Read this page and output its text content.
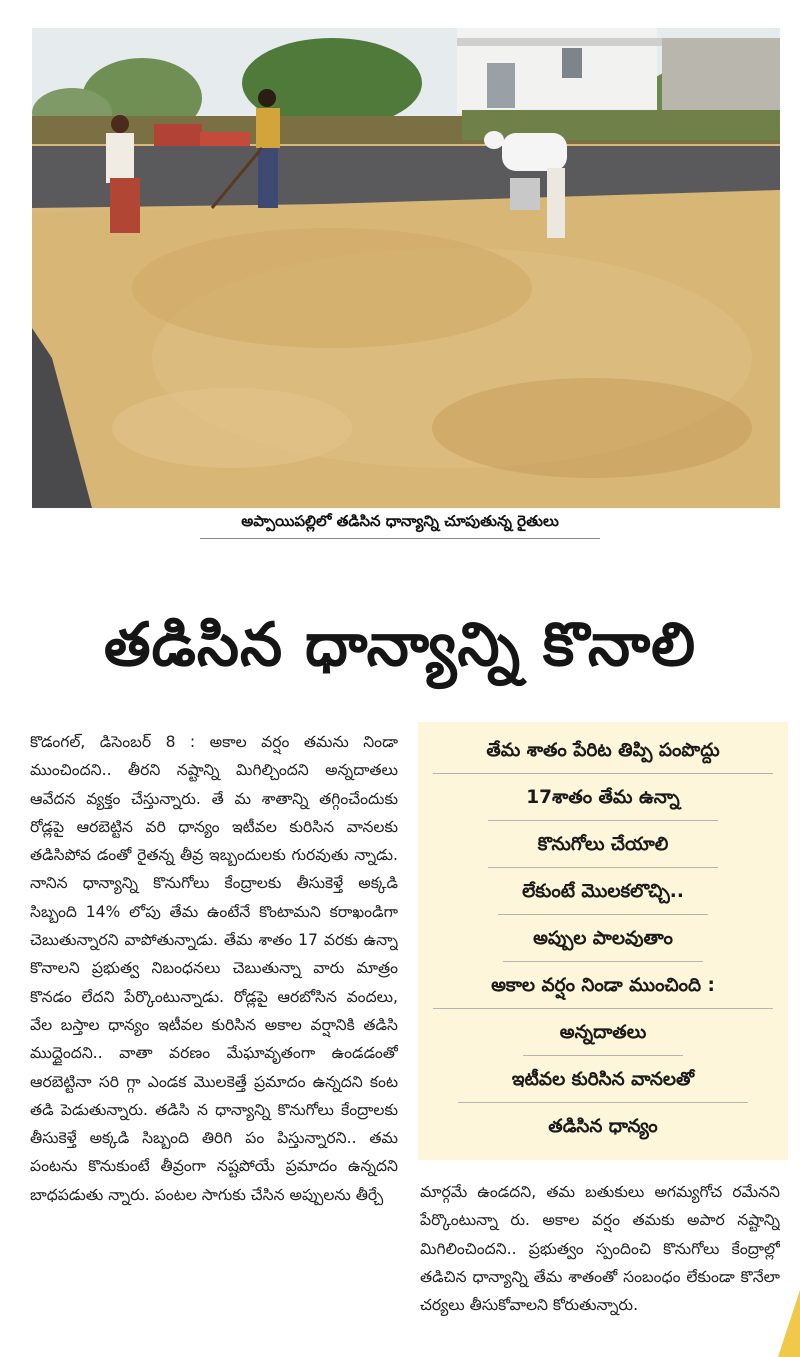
అప్పాయిపల్లిలో తడిసిన ధాన్యాన్ని చూపుతున్న రైతులు
తడిసిన ధాన్యాన్ని కొనాలి

కొడంగల్, డిసెంబర్ 8 : అకాల వర్షం తమను నిండా ముంచిందని.. తీరని నష్టాన్ని మిగిల్చిందని అన్నదాతలు ఆవేదన వ్యక్తం చేస్తున్నారు. తే మ శాతాన్ని తగ్గించేందుకు రోడ్లపై ఆరబెట్టిన వరి ధాన్యం ఇటీవల కురిసిన వానలకు తడిసిపోవ డంతో రైతన్న తీవ్ర ఇబ్బందులకు గురవుతు న్నాడు. నానిన ధాన్యాన్ని కొనుగోలు కేంద్రాలకు తీసుకెళ్తే అక్కడి సిబ్బంది 14% లోపు తేమ ఉంటేనే కొంటామని కరాఖండిగా చెబుతున్నారని వాపోతున్నాడు. తేమ శాతం 17 వరకు ఉన్నా కొనాలని ప్రభుత్వ నిబంధనలు చెబుతున్నా వారు మాత్రం కొనడం లేదని పేర్కొంటున్నాడు. రోడ్లపై ఆరబోసిన వందలు, వేల బస్తాల ధాన్యం ఇటీవల కురిసిన అకాల వర్షానికి తడిసి ముద్దైందని.. వాతా వరణం మేఘావృతంగా ఉండడంతో ఆరబెట్టినా సరి గ్గా ఎండక మొలకెత్తే ప్రమాదం ఉన్నదని కంట తడి పెడుతున్నారు. తడిసి న ధాన్యాన్ని కొనుగోలు కేంద్రాలకు తీసుకెళ్తే అక్కడి సిబ్బంది తిరిగి పం పిస్తున్నారని.. తమ పంటను కొనుకుంటే తీవ్రంగా నష్టపోయే ప్రమాదం ఉన్నదని బాధపడుతు న్నారు. పంటల సాగుకు చేసిన అప్పులను తీర్చే

తేమ శాతం పేరిట తిప్పి పంపొద్దు
17శాతం తేమ ఉన్నా
కొనుగోలు చేయాలి
లేకుంటే మొలకలొచ్చి..
అప్పుల పాలవుతాం
అకాల వర్షం నిండా ముంచింది :
అన్నదాతలు
ఇటీవల కురిసిన వానలతో
తడిసిన ధాన్యం

మార్గమే ఉండదని, తమ బతుకులు అగమ్యగోచ రమేనని పేర్కొంటున్నా రు. అకాల వర్షం తమకు అపార నష్టాన్ని మిగిలించిందని.. ప్రభుత్వం స్పందించి కొనుగోలు కేంద్రాల్లో తడిచిన ధాన్యాన్ని తేమ శాతంతో సంబంధం లేకుండా కొనేలా చర్యలు తీసుకోవాలని కోరుతున్నారు.
